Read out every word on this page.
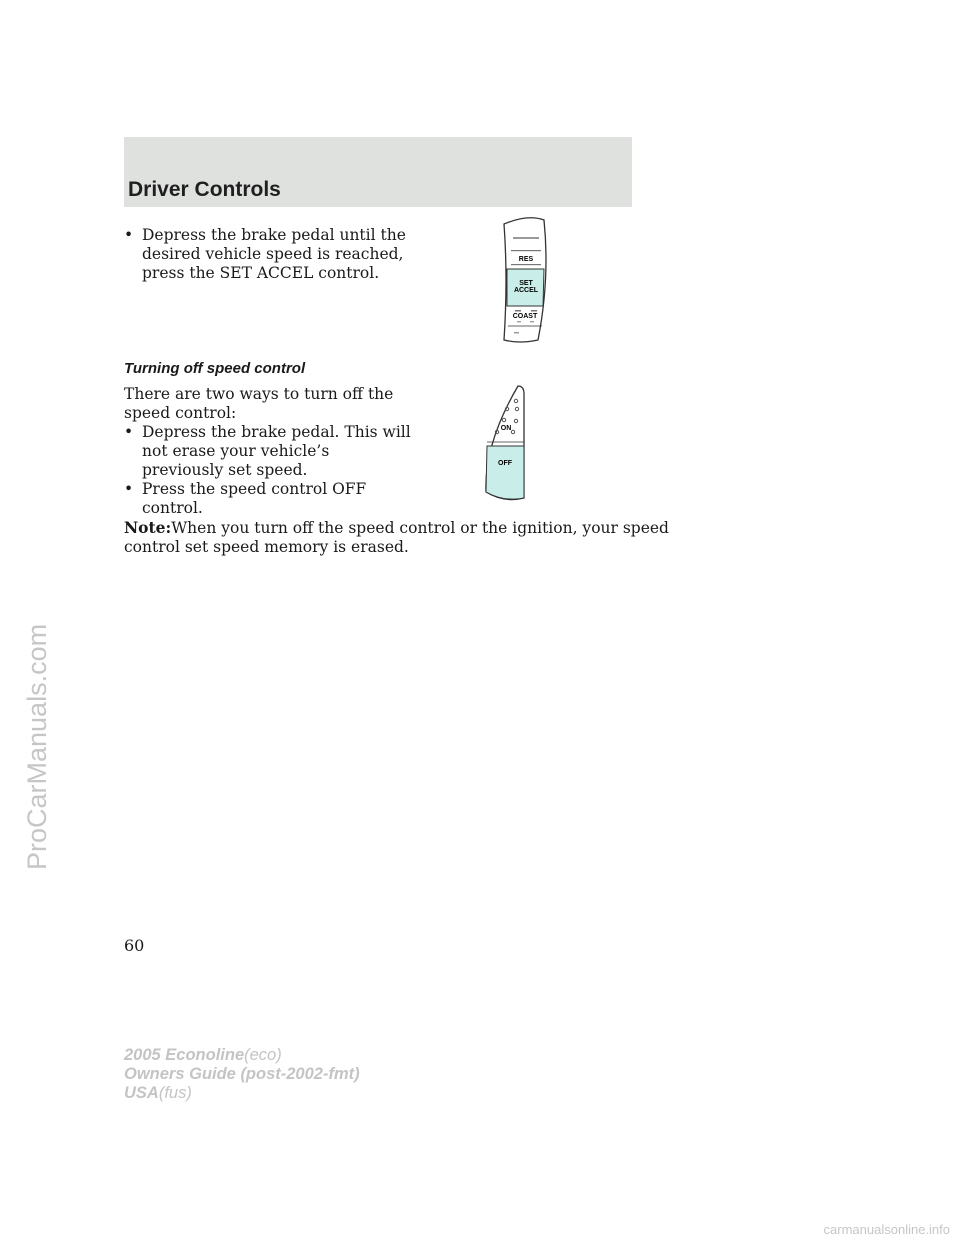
Driver Controls
• Depress the brake pedal until the
desired vehicle speed is reached,
press the SET ACCEL control.
RES
SET
ACCEL
COAST
Turning off speed control
There are two ways to turn off the
speed control:
• Depress the brake pedal. This will
not erase your vehicle’s
previously set speed.
• Press the speed control OFF
control.
ON
OFF
Note:When you turn off the speed control or the ignition, your speed
control set speed memory is erased.
60
2005 Econoline(eco)
Owners Guide (post-2002-fmt)
USA(fus)
ProCarManuals.com
carmanualsonline.info
